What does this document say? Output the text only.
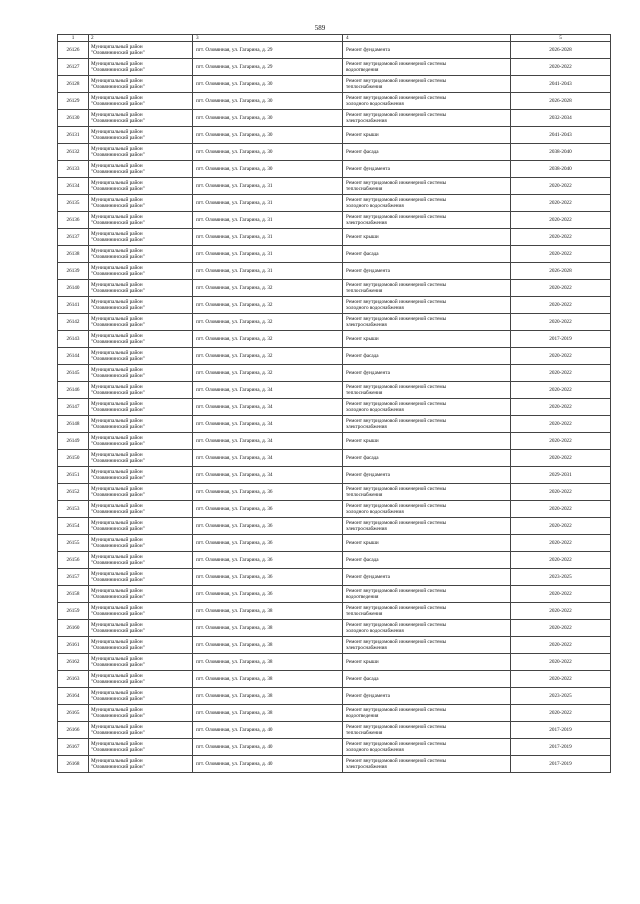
589
1	2	3	4	5
26126	Муниципальный район
"Оловяннинский район"	пгт. Оловянная, ул. Гагарина, д. 29	Ремонт фундамента	2026-2028
26127	Муниципальный район
"Оловяннинский район"	пгт. Оловянная, ул. Гагарина, д. 29	Ремонт внутридомовой инженерной системы
водоотведения	2020-2022
26128	Муниципальный район
"Оловяннинский район"	пгт. Оловянная, ул. Гагарина, д. 30	Ремонт внутридомовой инженерной системы
теплоснабжения	2041-2043
26129	Муниципальный район
"Оловяннинский район"	пгт. Оловянная, ул. Гагарина, д. 30	Ремонт внутридомовой инженерной системы
холодного водоснабжения	2026-2028
26130	Муниципальный район
"Оловяннинский район"	пгт. Оловянная, ул. Гагарина, д. 30	Ремонт внутридомовой инженерной системы
электроснабжения	2032-2034
26131	Муниципальный район
"Оловяннинский район"	пгт. Оловянная, ул. Гагарина, д. 30	Ремонт крыши	2041-2043
26132	Муниципальный район
"Оловяннинский район"	пгт. Оловянная, ул. Гагарина, д. 30	Ремонт фасада	2038-2040
26133	Муниципальный район
"Оловяннинский район"	пгт. Оловянная, ул. Гагарина, д. 30	Ремонт фундамента	2038-2040
26134	Муниципальный район
"Оловяннинский район"	пгт. Оловянная, ул. Гагарина, д. 31	Ремонт внутридомовой инженерной системы
теплоснабжения	2020-2022
26135	Муниципальный район
"Оловяннинский район"	пгт. Оловянная, ул. Гагарина, д. 31	Ремонт внутридомовой инженерной системы
холодного водоснабжения	2020-2022
26136	Муниципальный район
"Оловяннинский район"	пгт. Оловянная, ул. Гагарина, д. 31	Ремонт внутридомовой инженерной системы
электроснабжения	2020-2022
26137	Муниципальный район
"Оловяннинский район"	пгт. Оловянная, ул. Гагарина, д. 31	Ремонт крыши	2020-2022
26138	Муниципальный район
"Оловяннинский район"	пгт. Оловянная, ул. Гагарина, д. 31	Ремонт фасада	2020-2022
26139	Муниципальный район
"Оловяннинский район"	пгт. Оловянная, ул. Гагарина, д. 31	Ремонт фундамента	2026-2028
26140	Муниципальный район
"Оловяннинский район"	пгт. Оловянная, ул. Гагарина, д. 32	Ремонт внутридомовой инженерной системы
теплоснабжения	2020-2022
26141	Муниципальный район
"Оловяннинский район"	пгт. Оловянная, ул. Гагарина, д. 32	Ремонт внутридомовой инженерной системы
холодного водоснабжения	2020-2022
26142	Муниципальный район
"Оловяннинский район"	пгт. Оловянная, ул. Гагарина, д. 32	Ремонт внутридомовой инженерной системы
электроснабжения	2020-2022
26143	Муниципальный район
"Оловяннинский район"	пгт. Оловянная, ул. Гагарина, д. 32	Ремонт крыши	2017-2019
26144	Муниципальный район
"Оловяннинский район"	пгт. Оловянная, ул. Гагарина, д. 32	Ремонт фасада	2020-2022
26145	Муниципальный район
"Оловяннинский район"	пгт. Оловянная, ул. Гагарина, д. 32	Ремонт фундамента	2020-2022
26146	Муниципальный район
"Оловяннинский район"	пгт. Оловянная, ул. Гагарина, д. 34	Ремонт внутридомовой инженерной системы
теплоснабжения	2020-2022
26147	Муниципальный район
"Оловяннинский район"	пгт. Оловянная, ул. Гагарина, д. 34	Ремонт внутридомовой инженерной системы
холодного водоснабжения	2020-2022
26148	Муниципальный район
"Оловяннинский район"	пгт. Оловянная, ул. Гагарина, д. 34	Ремонт внутридомовой инженерной системы
электроснабжения	2020-2022
26149	Муниципальный район
"Оловяннинский район"	пгт. Оловянная, ул. Гагарина, д. 34	Ремонт крыши	2020-2022
26150	Муниципальный район
"Оловяннинский район"	пгт. Оловянная, ул. Гагарина, д. 34	Ремонт фасада	2020-2022
26151	Муниципальный район
"Оловяннинский район"	пгт. Оловянная, ул. Гагарина, д. 34	Ремонт фундамента	2029-2031
26152	Муниципальный район
"Оловяннинский район"	пгт. Оловянная, ул. Гагарина, д. 36	Ремонт внутридомовой инженерной системы
теплоснабжения	2020-2022
26153	Муниципальный район
"Оловяннинский район"	пгт. Оловянная, ул. Гагарина, д. 36	Ремонт внутридомовой инженерной системы
холодного водоснабжения	2020-2022
26154	Муниципальный район
"Оловяннинский район"	пгт. Оловянная, ул. Гагарина, д. 36	Ремонт внутридомовой инженерной системы
электроснабжения	2020-2022
26155	Муниципальный район
"Оловяннинский район"	пгт. Оловянная, ул. Гагарина, д. 36	Ремонт крыши	2020-2022
26156	Муниципальный район
"Оловяннинский район"	пгт. Оловянная, ул. Гагарина, д. 36	Ремонт фасада	2020-2022
26157	Муниципальный район
"Оловяннинский район"	пгт. Оловянная, ул. Гагарина, д. 36	Ремонт фундамента	2023-2025
26158	Муниципальный район
"Оловяннинский район"	пгт. Оловянная, ул. Гагарина, д. 36	Ремонт внутридомовой инженерной системы
водоотведения	2020-2022
26159	Муниципальный район
"Оловяннинский район"	пгт. Оловянная, ул. Гагарина, д. 38	Ремонт внутридомовой инженерной системы
теплоснабжения	2020-2022
26160	Муниципальный район
"Оловяннинский район"	пгт. Оловянная, ул. Гагарина, д. 38	Ремонт внутридомовой инженерной системы
холодного водоснабжения	2020-2022
26161	Муниципальный район
"Оловяннинский район"	пгт. Оловянная, ул. Гагарина, д. 38	Ремонт внутридомовой инженерной системы
электроснабжения	2020-2022
26162	Муниципальный район
"Оловяннинский район"	пгт. Оловянная, ул. Гагарина, д. 38	Ремонт крыши	2020-2022
26163	Муниципальный район
"Оловяннинский район"	пгт. Оловянная, ул. Гагарина, д. 38	Ремонт фасада	2020-2022
26164	Муниципальный район
"Оловяннинский район"	пгт. Оловянная, ул. Гагарина, д. 38	Ремонт фундамента	2023-2025
26165	Муниципальный район
"Оловяннинский район"	пгт. Оловянная, ул. Гагарина, д. 38	Ремонт внутридомовой инженерной системы
водоотведения	2020-2022
26166	Муниципальный район
"Оловяннинский район"	пгт. Оловянная, ул. Гагарина, д. 40	Ремонт внутридомовой инженерной системы
теплоснабжения	2017-2019
26167	Муниципальный район
"Оловяннинский район"	пгт. Оловянная, ул. Гагарина, д. 40	Ремонт внутридомовой инженерной системы
холодного водоснабжения	2017-2019
26168	Муниципальный район
"Оловяннинский район"	пгт. Оловянная, ул. Гагарина, д. 40	Ремонт внутридомовой инженерной системы
электроснабжения	2017-2019
